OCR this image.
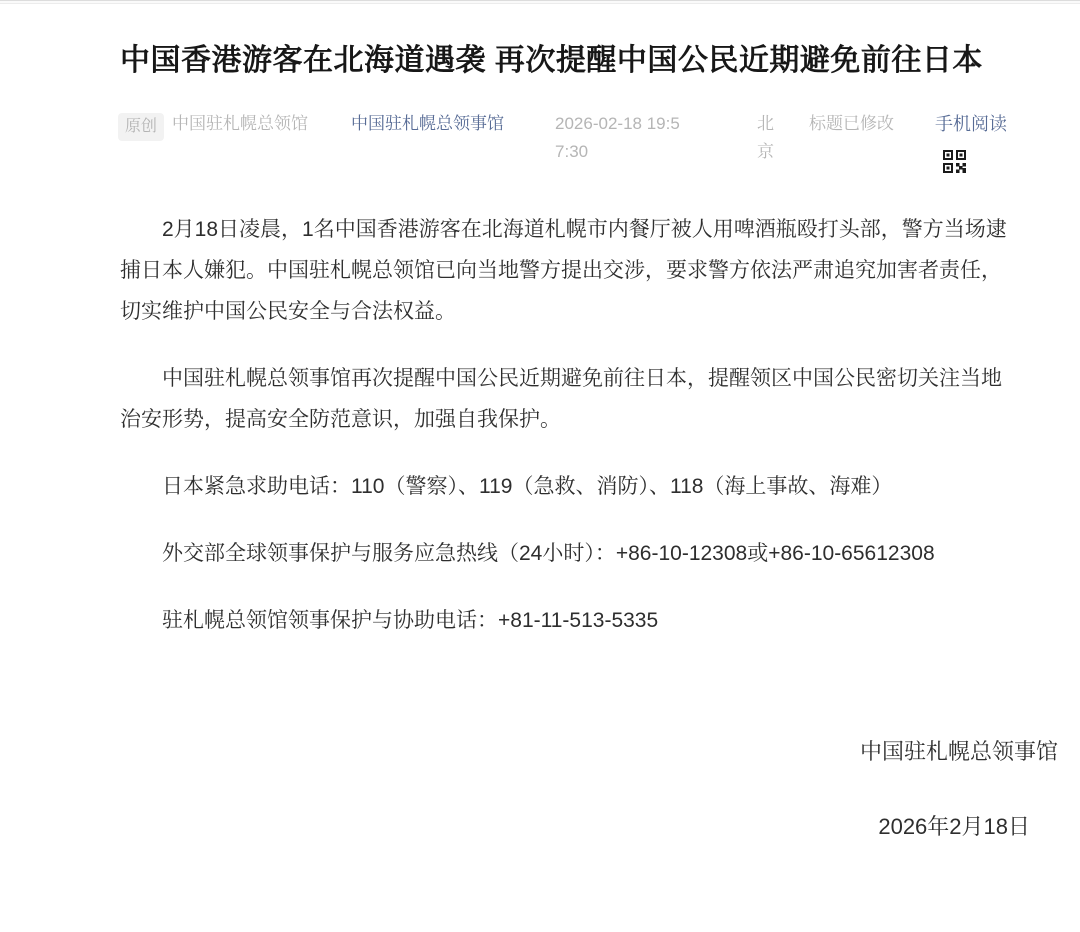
中国香港游客在北海道遇袭 再次提醒中国公民近期避免前往日本
原创 中国驻札幌总领馆	中国驻札幌总领事馆	2026-02-18 19:57:30
北京
标题已修改	手机阅读

2月18日凌晨，1名中国香港游客在北海道札幌市内餐厅被人用啤酒瓶殴打头部，警方当场逮捕日本人嫌犯。中国驻札幌总领馆已向当地警方提出交涉，要求警方依法严肃追究加害者责任，切实维护中国公民安全与合法权益。

中国驻札幌总领事馆再次提醒中国公民近期避免前往日本，提醒领区中国公民密切关注当地治安形势，提高安全防范意识，加强自我保护。

日本紧急求助电话：110（警察）、119（急救、消防）、118（海上事故、海难）

外交部全球领事保护与服务应急热线（24小时）：+86-10-12308或+86-10-65612308

驻札幌总领馆领事保护与协助电话：+81-11-513-5335

中国驻札幌总领事馆
2026年2月18日
